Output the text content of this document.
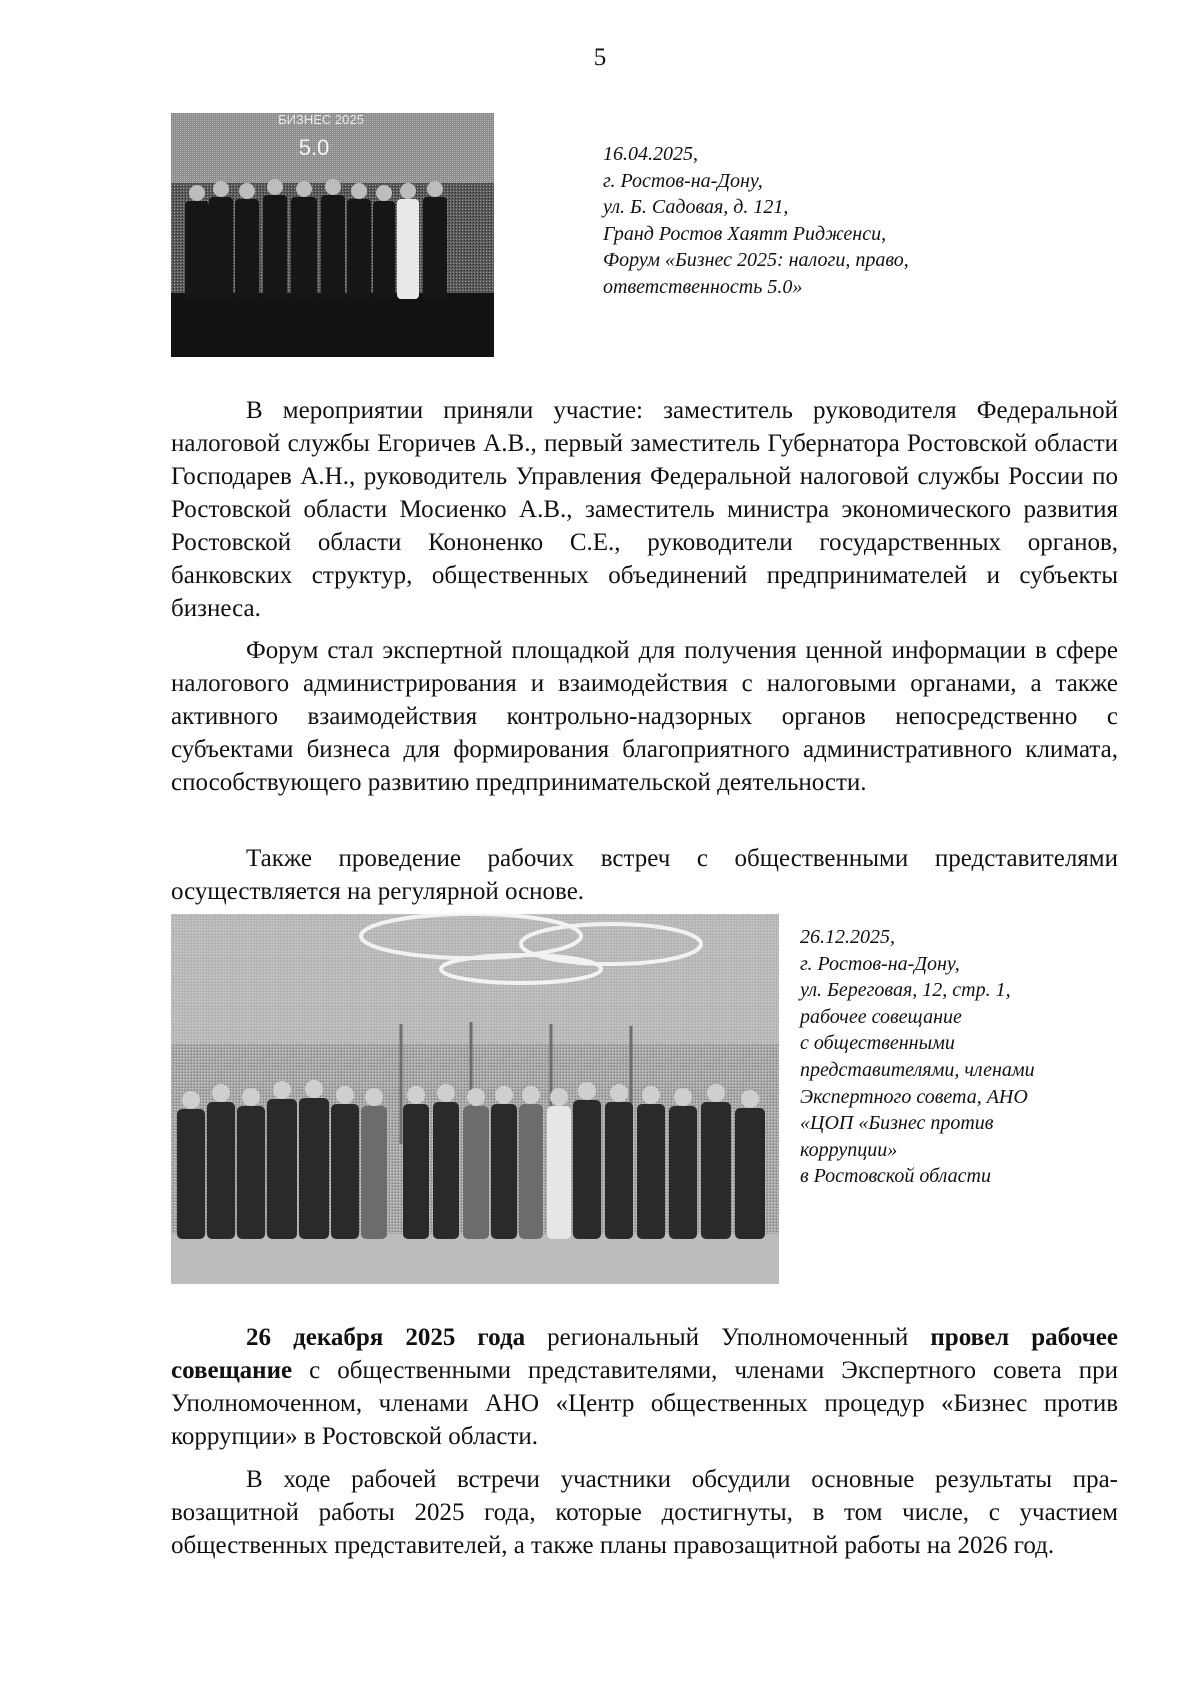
5
БИЗНЕС 2025
5.0	16.04.2025,
г. Ростов-на-Дону,
ул. Б. Садовая, д. 121,
Гранд Ростов Хаятт Ридженси,
Форум «Бизнес 2025: налоги, право,
ответственность 5.0»

В мероприятии приняли участие: заместитель руководителя Федеральной налоговой службы Егоричев А.В., первый заместитель Губернатора Ростовской области Господарев А.Н., руководитель Управления Федеральной налоговой службы России по Ростовской области Мосиенко А.В., заместитель министра экономического развития Ростовской области Кононенко С.Е., руководители государственных органов, банковских структур, общественных объединений предпринимателей и субъекты бизнеса.

Форум стал экспертной площадкой для получения ценной информации в сфере налогового администрирования и взаимодействия с налоговыми органами, а также активного взаимодействия контрольно-надзорных органов непосредственно с субъектами бизнеса для формирования благоприятного административного климата, способствующего развитию предпринимательской деятельности.

Также проведение рабочих встреч с общественными представителями осуществляется на регулярной основе.

26.12.2025,
г. Ростов-на-Дону,
ул. Береговая, 12, стр. 1,
рабочее совещание
с общественными
представителями, членами
Экспертного совета, АНО
«ЦОП «Бизнес против
коррупции»
в Ростовской области

26 декабря 2025 года региональный Уполномоченный провел рабочее совещание с общественными представителями, членами Экспертного совета при Уполномоченном, членами АНО «Центр общественных процедур «Бизнес против коррупции» в Ростовской области.

В ходе рабочей встречи участники обсудили основные результаты правозащитной работы 2025 года, которые достигнуты, в том числе, с участием общественных представителей, а также планы правозащитной работы на 2026 год.
